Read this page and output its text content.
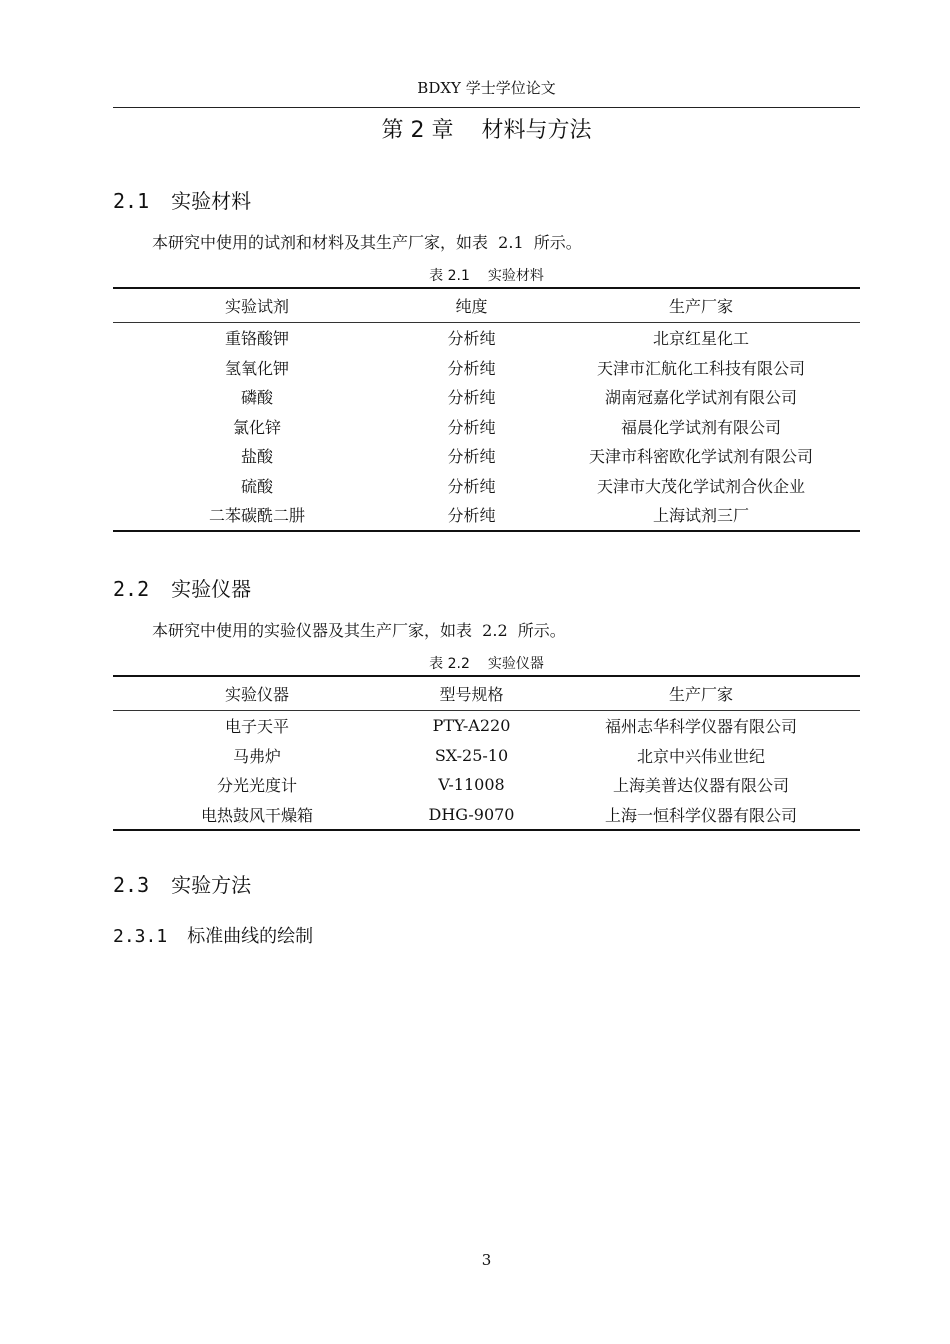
BDXY 学士学位论文
第 2 章 材料与方法
2.1 实验材料
本研究中使用的试剂和材料及其生产厂家，如表  2.1  所示。
表 2.1 实验材料
实验试剂	纯度	生产厂家
重铬酸钾	分析纯	北京红星化工
氢氧化钾	分析纯	天津市汇航化工科技有限公司
磷酸	分析纯	湖南冠嘉化学试剂有限公司
氯化锌	分析纯	福晨化学试剂有限公司
盐酸	分析纯	天津市科密欧化学试剂有限公司
硫酸	分析纯	天津市大茂化学试剂合伙企业
二苯碳酰二肼	分析纯	上海试剂三厂
2.2 实验仪器
本研究中使用的实验仪器及其生产厂家，如表  2.2  所示。
表 2.2 实验仪器
实验仪器	型号规格	生产厂家
电子天平	PTY-A220	福州志华科学仪器有限公司
马弗炉	SX-25-10	北京中兴伟业世纪
分光光度计	V-11008	上海美普达仪器有限公司
电热鼓风干燥箱	DHG-9070	上海一恒科学仪器有限公司
2.3 实验方法
2.3.1 标准曲线的绘制
3
